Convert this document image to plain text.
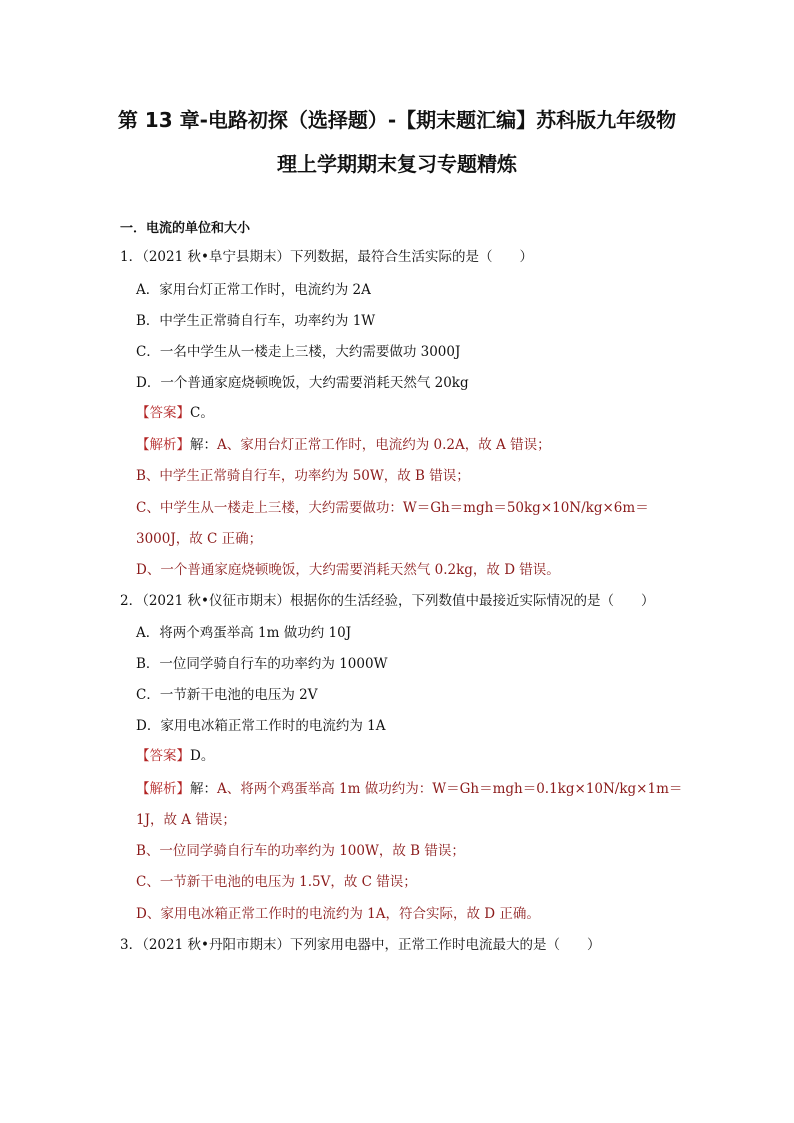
第 13 章-电路初探（选择题）-【期末题汇编】苏科版九年级物
理上学期期末复习专题精炼
一．电流的单位和大小
1．（2021 秋•阜宁县期末）下列数据，最符合生活实际的是（　　）
A．家用台灯正常工作时，电流约为 2A
B．中学生正常骑自行车，功率约为 1W
C．一名中学生从一楼走上三楼，大约需要做功 3000J
D．一个普通家庭烧顿晚饭，大约需要消耗天然气 20kg
【答案】C。
【解析】解：A、家用台灯正常工作时，电流约为 0.2A，故 A 错误；
B、中学生正常骑自行车，功率约为 50W，故 B 错误；
C、中学生从一楼走上三楼，大约需要做功：W＝Gh＝mgh＝50kg×10N/kg×6m＝
3000J，故 C 正确；
D、一个普通家庭烧顿晚饭，大约需要消耗天然气 0.2kg，故 D 错误。
2．（2021 秋•仪征市期末）根据你的生活经验，下列数值中最接近实际情况的是（　　）
A．将两个鸡蛋举高 1m 做功约 10J
B．一位同学骑自行车的功率约为 1000W
C．一节新干电池的电压为 2V
D．家用电冰箱正常工作时的电流约为 1A
【答案】D。
【解析】解：A、将两个鸡蛋举高 1m 做功约为：W＝Gh＝mgh＝0.1kg×10N/kg×1m＝
1J，故 A 错误；
B、一位同学骑自行车的功率约为 100W，故 B 错误；
C、一节新干电池的电压为 1.5V，故 C 错误；
D、家用电冰箱正常工作时的电流约为 1A，符合实际，故 D 正确。
3．（2021 秋•丹阳市期末）下列家用电器中，正常工作时电流最大的是（　　）
